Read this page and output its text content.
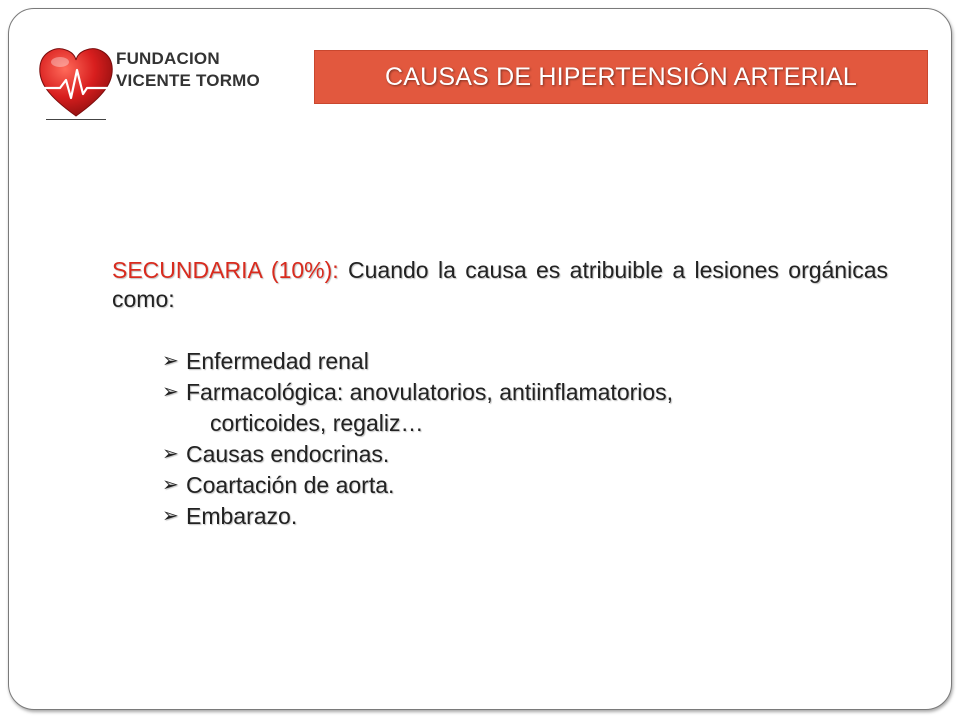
FUNDACION
VICENTE TORMO	CAUSAS DE HIPERTENSIÓN ARTERIAL

SECUNDARIA (10%): Cuando la causa es atribuible a lesiones orgánicas como:

➢ Enfermedad renal
➢ Farmacológica: anovulatorios, antiinflamatorios,
corticoides, regaliz…
➢ Causas endocrinas.
➢ Coartación de aorta.
➢ Embarazo.
